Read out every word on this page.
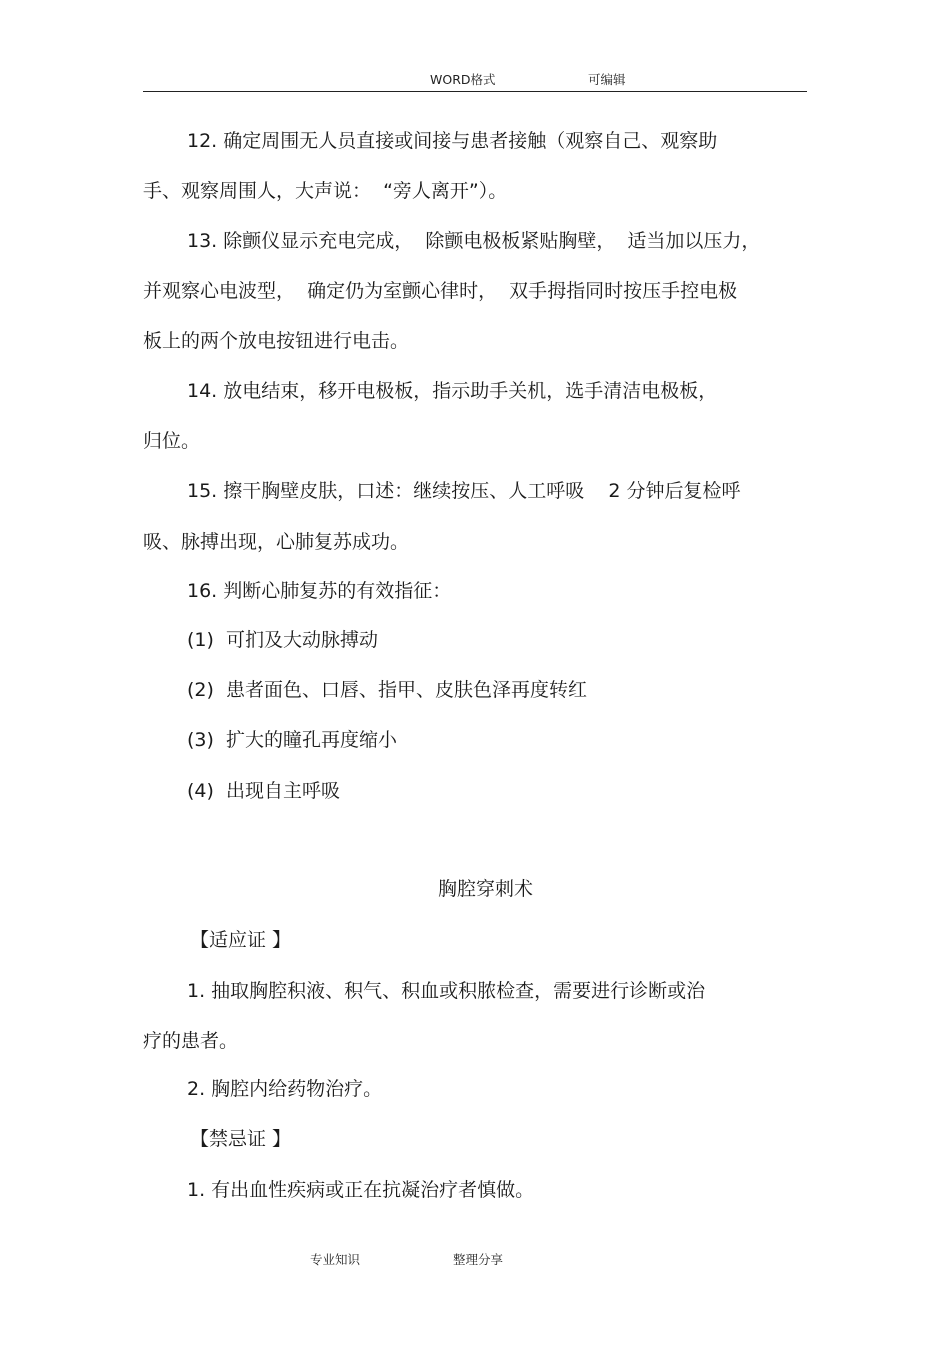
WORD格式	可编辑
12. 确定周围无人员直接或间接与患者接触（观察自己、观察助
手、观察周围人，大声说：  “旁人离开”）。
13. 除颤仪显示充电完成，  除颤电极板紧贴胸壁，  适当加以压力，
并观察心电波型，  确定仍为室颤心律时，  双手拇指同时按压手控电极
板上的两个放电按钮进行电击。
14. 放电结束，移开电极板，指示助手关机，选手清洁电极板，
归位。
15. 擦干胸壁皮肤，口述：继续按压、人工呼吸    2 分钟后复检呼
吸、脉搏出现，心肺复苏成功。
16. 判断心肺复苏的有效指征：
(1)  可扪及大动脉搏动
(2)  患者面色、口唇、指甲、皮肤色泽再度转红
(3)  扩大的瞳孔再度缩小
(4)  出现自主呼吸
胸腔穿刺术
【适应证 】
1. 抽取胸腔积液、积气、积血或积脓检查，需要进行诊断或治
疗的患者。
2. 胸腔内给药物治疗。
【禁忌证 】
1. 有出血性疾病或正在抗凝治疗者慎做。
专业知识	整理分享
